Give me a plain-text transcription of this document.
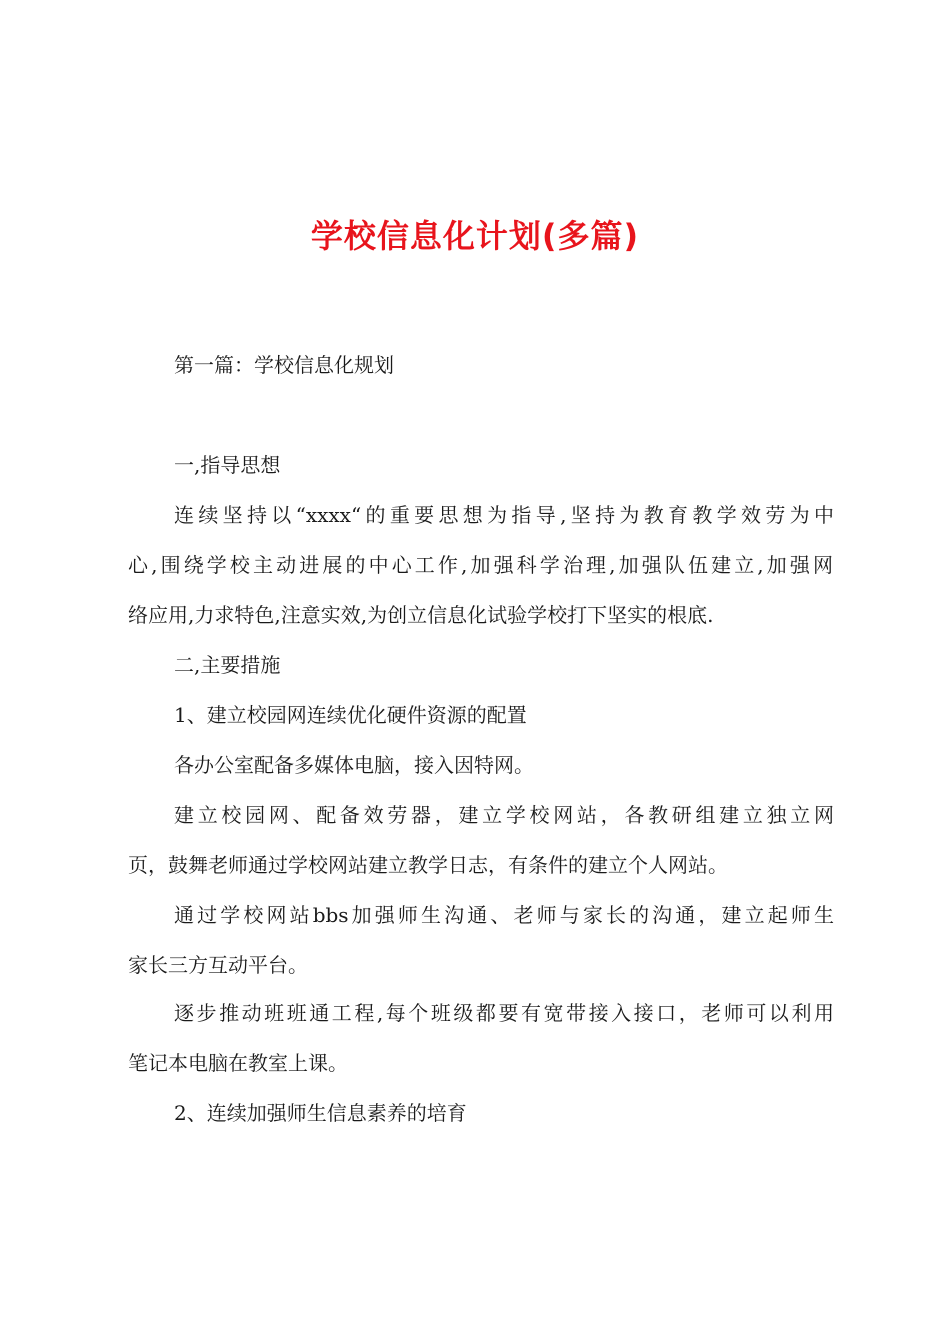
学校信息化计划(多篇)
第一篇：学校信息化规划
一,指导思想
连续坚持以“xxxx“的重要思想为指导,坚持为教育教学效劳为中
心,围绕学校主动进展的中心工作,加强科学治理,加强队伍建立,加强网
络应用,力求特色,注意实效,为创立信息化试验学校打下坚实的根底.
二,主要措施
1、建立校园网连续优化硬件资源的配置
各办公室配备多媒体电脑，接入因特网。
建立校园网、配备效劳器，建立学校网站，各教研组建立独立网
页，鼓舞老师通过学校网站建立教学日志，有条件的建立个人网站。
通过学校网站bbs加强师生沟通、老师与家长的沟通，建立起师生
家长三方互动平台。
逐步推动班班通工程,每个班级都要有宽带接入接口，老师可以利用
笔记本电脑在教室上课。
2、连续加强师生信息素养的培育
